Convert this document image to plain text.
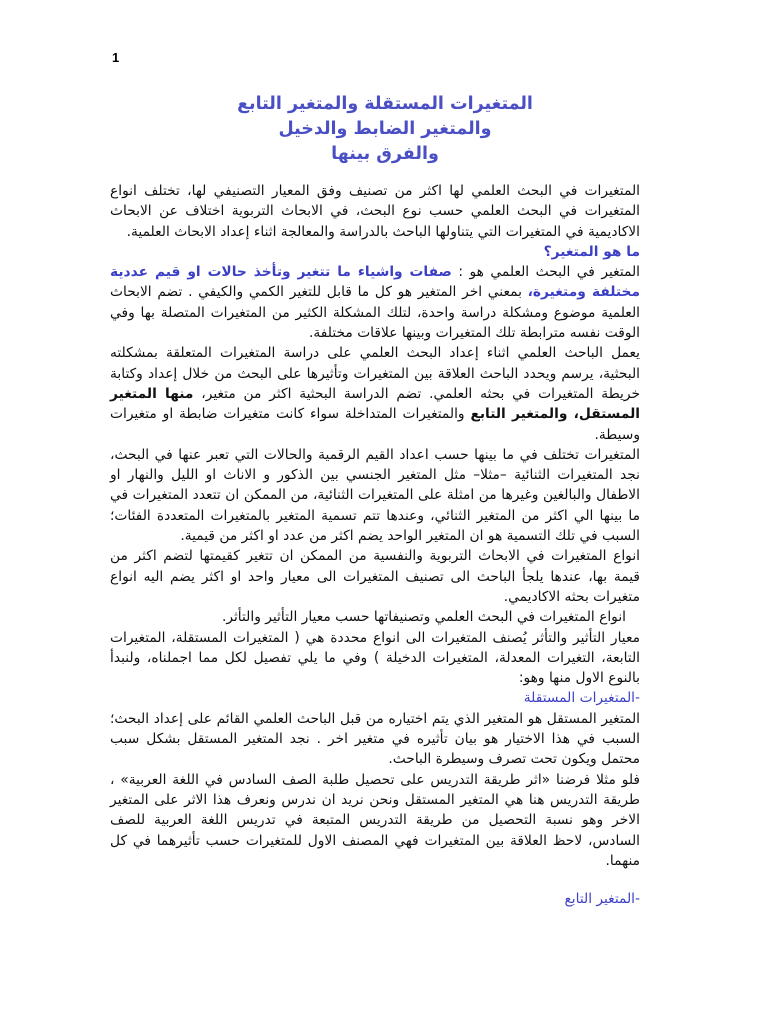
1
المتغيرات المستقلة والمتغير التابع
والمتغير الضابط والدخيل
والفرق بينها

المتغيرات في البحث العلمي لها اكثر من تصنيف وفق المعيار التصنيفي لها، تختلف انواع المتغيرات في البحث العلمي حسب نوع البحث، في الابحاث التربوية اختلاف عن الابحاث الاكاديمية في المتغيرات التي يتناولها الباحث بالدراسة والمعالجة اثناء إعداد الابحاث العلمية.

ما هو المتغير؟

المتغير في البحث العلمي هو : صفات واشياء ما تتغير وتأخذ حالات او قيم عددية مختلفة ومتغيرة، بمعني اخر المتغير هو كل ما قابل للتغير الكمي والكيفي . تضم الابحاث العلمية موضوع ومشكلة دراسة واحدة، لتلك المشكلة الكثير من المتغيرات المتصلة بها وفي الوقت نفسه مترابطة تلك المتغيرات وبينها علاقات مختلفة.

يعمل الباحث العلمي اثناء إعداد البحث العلمي على دراسة المتغيرات المتعلقة بمشكلته البحثية، يرسم ويحدد الباحث العلاقة بين المتغيرات وتأثيرها على البحث من خلال إعداد وكتابة خريطة المتغيرات في بحثه العلمي. تضم الدراسة البحثية اكثر من متغير، منها المتغير المستقل، والمتغير التابع والمتغيرات المتداخلة سواء كانت متغيرات ضابطة او متغيرات وسيطة.

المتغيرات تختلف في ما بينها حسب اعداد القيم الرقمية والحالات التي تعبر عنها في البحث، نجد المتغيرات الثنائية –مثلا– مثل المتغير الجنسي بين الذكور و الاناث او الليل والنهار او الاطفال والبالغين وغيرها من امثلة على المتغيرات الثنائية، من الممكن ان تتعدد المتغيرات في ما بينها الي اكثر من المتغير الثنائي، وعندها تتم تسمية المتغير بالمتغيرات المتعددة الفئات؛ السبب في تلك التسمية هو ان المتغير الواحد يضم اكثر من عدد او اكثر من قيمية.

انواع المتغيرات في الابحاث التربوية والنفسية من الممكن ان تتغير كقيمتها لتضم اكثر من قيمة بها، عندها يلجأ الباحث الى تصنيف المتغيرات الى معيار واحد او اكثر يضم اليه انواع متغيرات بحثه الاكاديمي.

انواع المتغيرات في البحث العلمي وتصنيفاتها حسب معيار التأثير والتأثر.

معيار التأثير والتأثر يُصنف المتغيرات الى انواع محددة هي ( المتغيرات المستقلة، المتغيرات التابعة، التغيرات المعدلة، المتغيرات الدخيلة ) وفي ما يلي تفصيل لكل مما اجملناه، ولنبدأ بالنوع الاول منها وهو:

-المتغيرات المستقلة

المتغير المستقل هو المتغير الذي يتم اختياره من قبل الباحث العلمي القائم على إعداد البحث؛ السبب في هذا الاختيار هو بيان تأثيره في متغير اخر . نجد المتغير المستقل بشكل سبب محتمل ويكون تحت تصرف وسيطرة الباحث.

فلو مثلا فرضنا «اثر طريقة التدريس على تحصيل طلبة الصف السادس في اللغة العربية» ، طريقة التدريس هنا هي المتغير المستقل ونحن نريد ان ندرس ونعرف هذا الاثر على المتغير الاخر وهو نسبة التحصيل من طريقة التدريس المتبعة في تدريس اللغة العربية للصف السادس، لاحظ العلاقة بين المتغيرات فهي المصنف الاول للمتغيرات حسب تأثيرهما في كل منهما.

-المتغير التابع
